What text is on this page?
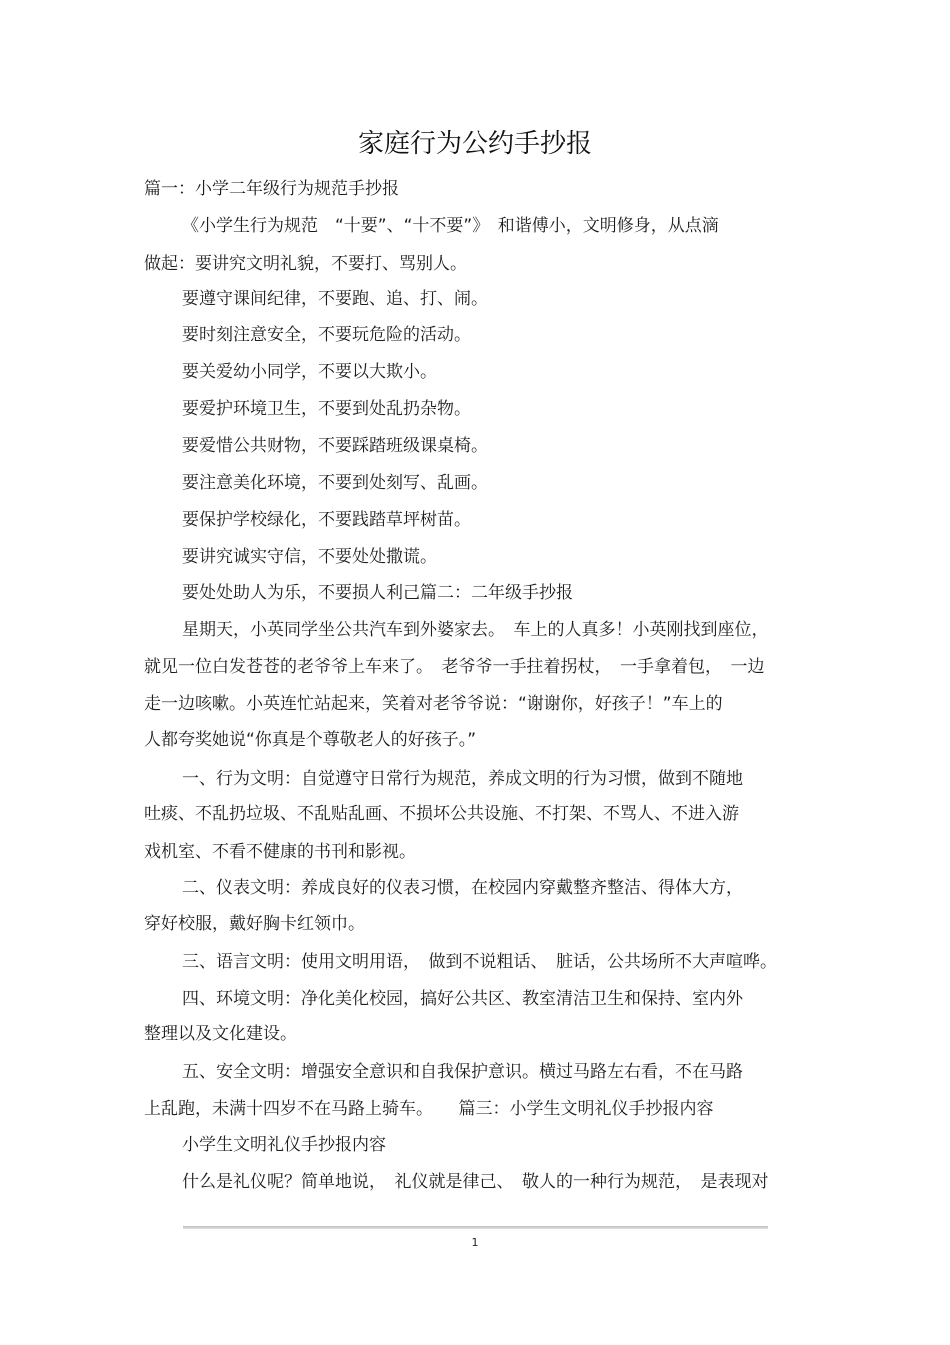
家庭行为公约手抄报
篇一：小学二年级行为规范手抄报
《小学生行为规范　“十要”、“十不要”》　和谐傅小，文明修身，从点滴
做起：要讲究文明礼貌，不要打、骂别人。
要遵守课间纪律，不要跑、追、打、闹。
要时刻注意安全，不要玩危险的活动。
要关爱幼小同学，不要以大欺小。
要爱护环境卫生，不要到处乱扔杂物。
要爱惜公共财物，不要踩踏班级课桌椅。
要注意美化环境，不要到处刻写、乱画。
要保护学校绿化，不要践踏草坪树苗。
要讲究诚实守信，不要处处撒谎。
要处处助人为乐，不要损人利己篇二：二年级手抄报
星期天，小英同学坐公共汽车到外婆家去。　车上的人真多！小英刚找到座位，
就见一位白发苍苍的老爷爷上车来了。　老爷爷一手拄着拐杖，　一手拿着包，　一边
走一边咳嗽。小英连忙站起来，笑着对老爷爷说：“谢谢你，好孩子！”车上的
人都夸奖她说“你真是个尊敬老人的好孩子。”
一、行为文明：自觉遵守日常行为规范，养成文明的行为习惯，做到不随地
吐痰、不乱扔垃圾、不乱贴乱画、不损坏公共设施、不打架、不骂人、不进入游
戏机室、不看不健康的书刊和影视。
二、仪表文明：养成良好的仪表习惯，在校园内穿戴整齐整洁、得体大方，
穿好校服，戴好胸卡红领巾。
三、语言文明：使用文明用语，　做到不说粗话、　脏话，公共场所不大声喧哗。
四、环境文明：净化美化校园，搞好公共区、教室清洁卫生和保持、室内外
整理以及文化建设。
五、安全文明：增强安全意识和自我保护意识。横过马路左右看，不在马路
上乱跑，未满十四岁不在马路上骑车。　　篇三：小学生文明礼仪手抄报内容
小学生文明礼仪手抄报内容
什么是礼仪呢？简单地说，　礼仪就是律己、　敬人的一种行为规范，　是表现对
1
